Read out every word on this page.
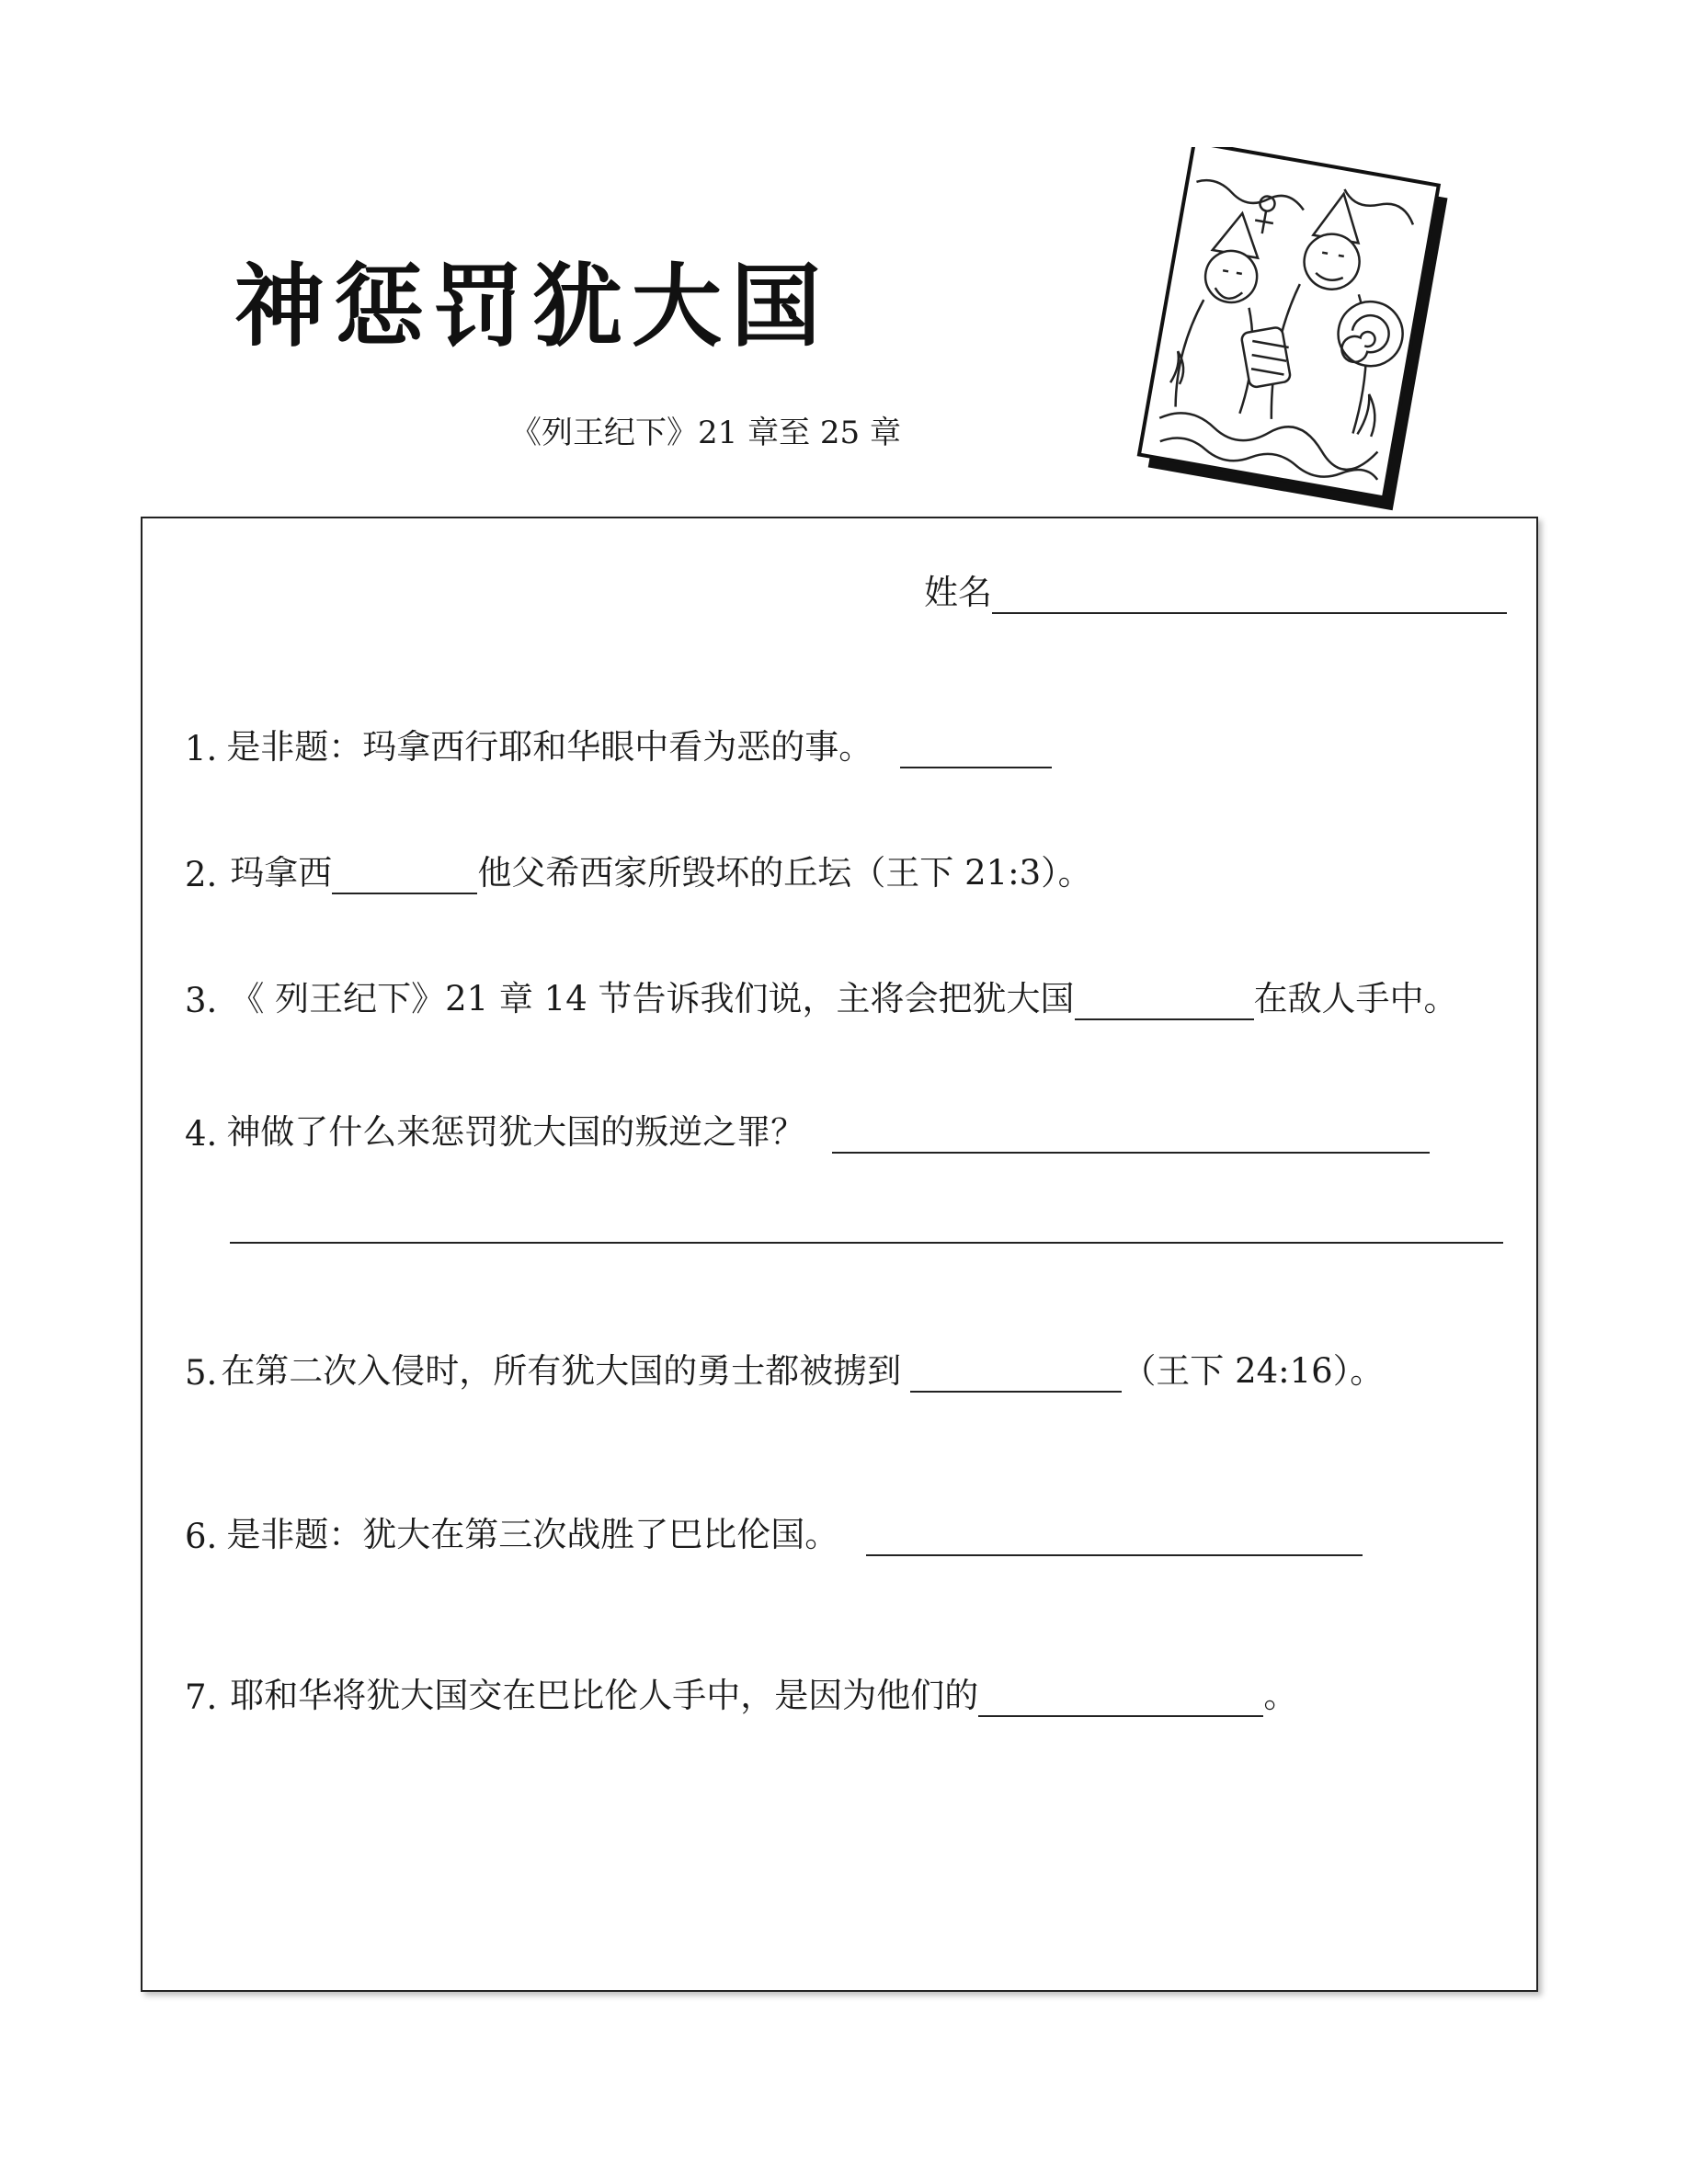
神惩罚犹大国
《列王纪下》21 章至 25 章
姓名
1. 是非题：玛拿西行耶和华眼中看为恶的事。
2. 玛拿西	他父希西家所毁坏的丘坛（王下 21:3）。
3. 《 列王纪下》21 章 14 节告诉我们说，主将会把犹大国	在敌人手中。
4. 神做了什么来惩罚犹大国的叛逆之罪？
5. 在第二次入侵时，所有犹大国的勇士都被掳到	（王下 24:16）。
6. 是非题：犹大在第三次战胜了巴比伦国。
7. 耶和华将犹大国交在巴比伦人手中，是因为他们的	。
